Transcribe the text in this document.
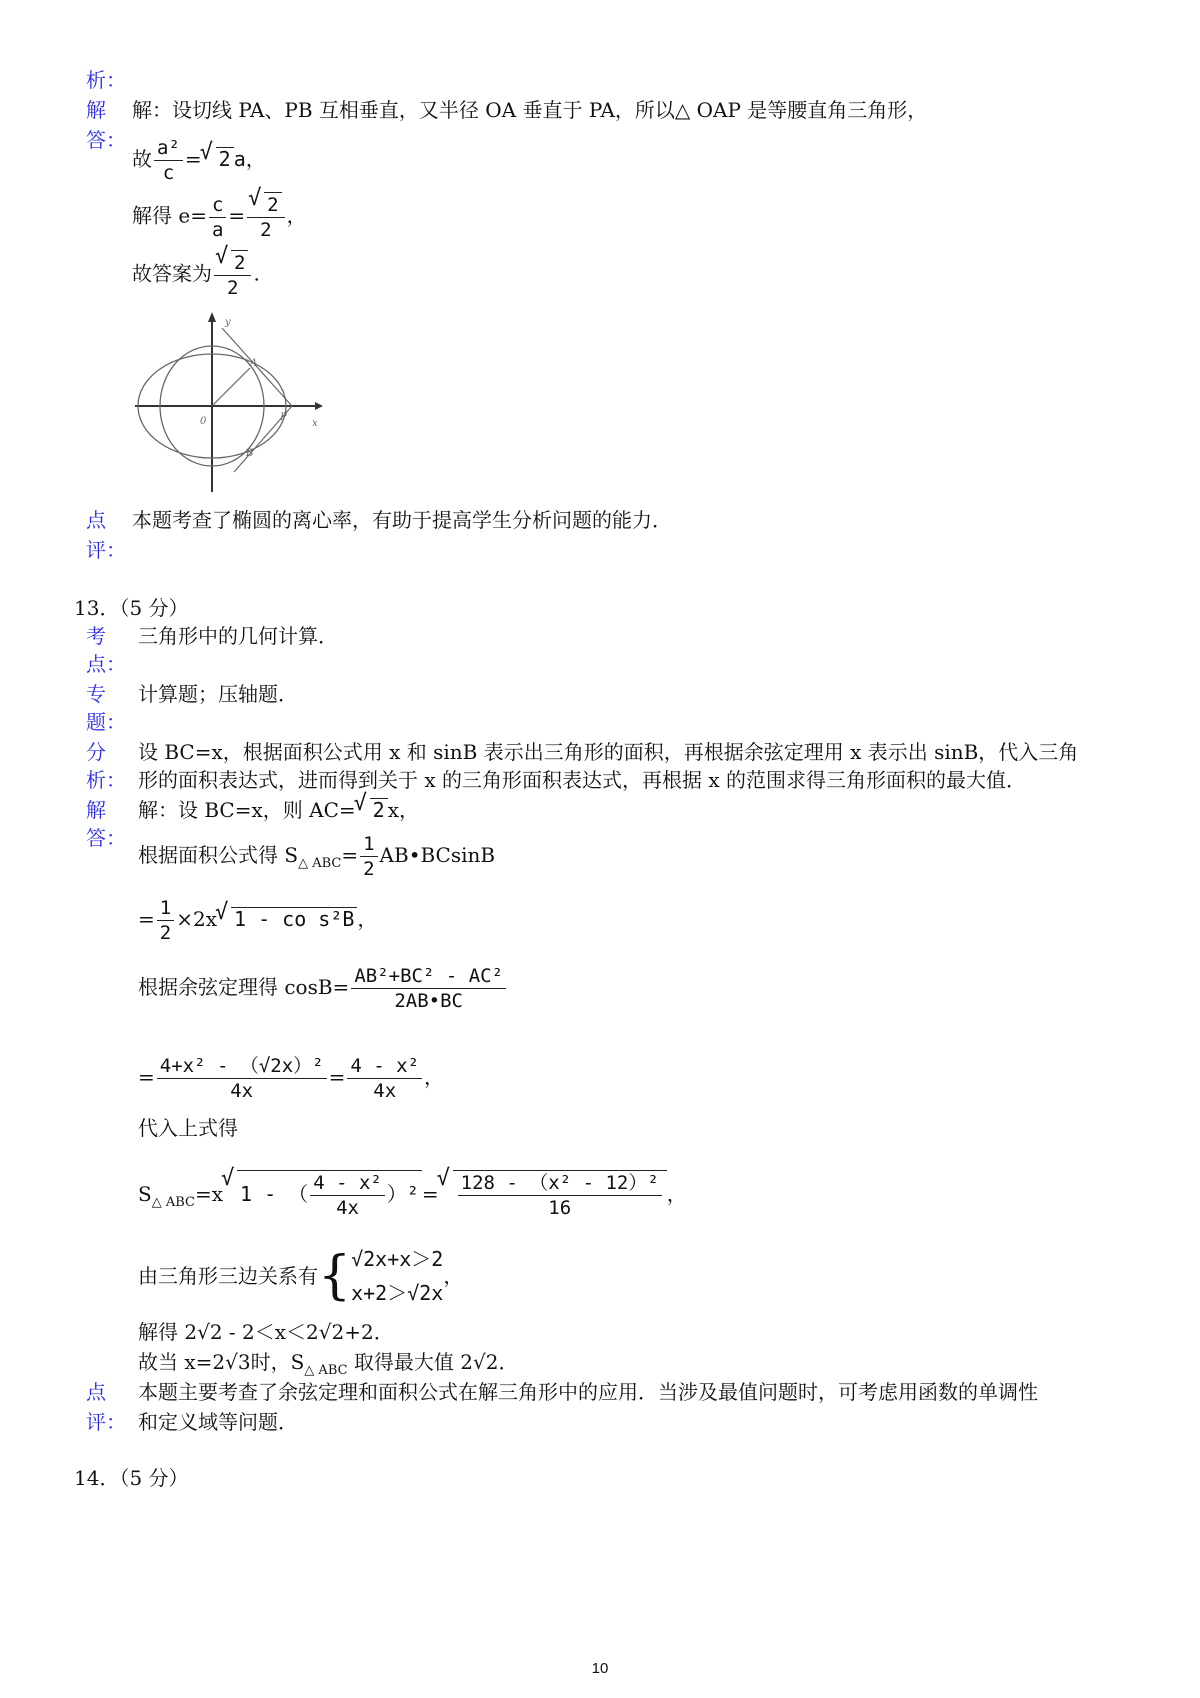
析：
解
答：
解：设切线 PA、PB 互相垂直，又半径 OA 垂直于 PA，所以△ OAP 是等腰直角三角形，
故 $\frac{\text{a²}}{c}$ =√ 2 a，
解得 $e= \frac{c}{a}$ =
√ $\frac{2}{2}$ ，
故答案为
√ $\frac{2}{2}$ .
y
x
0
A
B
P
点
评：
本题考查了椭圆的离心率，有助于提高学生分析问题的能力．
13．（5 分）
考
点：
三角形中的几何计算．
专
题：
计算题；压轴题．
分
析：
设 BC=x，根据面积公式用 x 和 sinB 表示出三角形的面积，再根据余弦定理用 x 表示出 sinB，代入三角
形的面积表达式，进而得到关于 x 的三角形面积表达式，再根据 x 的范围求得三角形面积的最大值．
解
答：
解：设 BC=x，则 AC=√ 2 x，
根据面积公式得 $S_{\triangle ABC}= \frac{1}{2}$ AB•BCsinB
= $\frac{1}{2} \times 2x√$ 1 - co s²B ，
根据余弦定理得 $\cos B= \frac{\text{AB²+BC² - AC²}}{2AB•BC}$
= $\frac{\text{4+x² - （√2x）²}}{4x} = \frac{\text{4 - x²}}{4x}$ ，
代入上式得
$S_{\triangle ABC}=x√$ 1 - （ $\frac{\text{4 - x²}}{4x} )^2$ =
√ $\frac{\text{128 - （x² - 12）²}}{16}$ ，
由三角形三边关系有{ √2x+x＞2
x+2＞√2x
，
解得 2√2 - 2＜x＜2√2+2．
故当 x=2√3时，$S_{\triangle ABC}$ 取得最大值 2√2．
点
评：
本题主要考查了余弦定理和面积公式在解三角形中的应用．当涉及最值问题时，可考虑用函数的单调性
和定义域等问题．
14．（5 分）
10
